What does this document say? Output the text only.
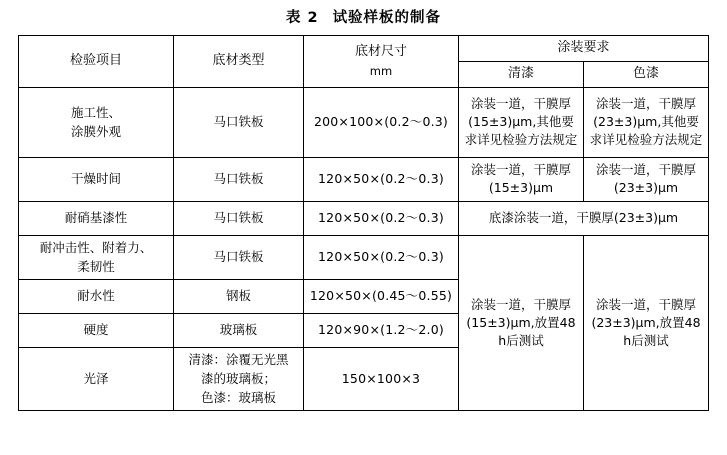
表 2 试验样板的制备
检验项目	底材类型	底材尺寸
mm	涂装要求	
			清漆	色漆
施工性、
涂膜外观	马口铁板	200×100×(0.2～0.3)	涂装一道，干膜厚(15±3)μm,其他要求详见检验方法规定	涂装一道，干膜厚(23±3)μm,其他要求详见检验方法规定
干燥时间	马口铁板	120×50×(0.2～0.3)	涂装一道，干膜厚(15±3)μm	涂装一道，干膜厚(23±3)μm
耐硝基漆性	马口铁板	120×50×(0.2～0.3)	底漆涂装一道，干膜厚(23±3)μm	
耐冲击性、附着力、
柔韧性	马口铁板	120×50×(0.2～0.3)	涂装一道，干膜厚(15±3)μm,放置48 h后测试	涂装一道，干膜厚(23±3)μm,放置48 h后测试
耐水性	钢板	120×50×(0.45～0.55)		
硬度	玻璃板	120×90×(1.2～2.0)		
光泽	清漆：涂覆无光黑
漆的玻璃板；
色漆：玻璃板	150×100×3		
